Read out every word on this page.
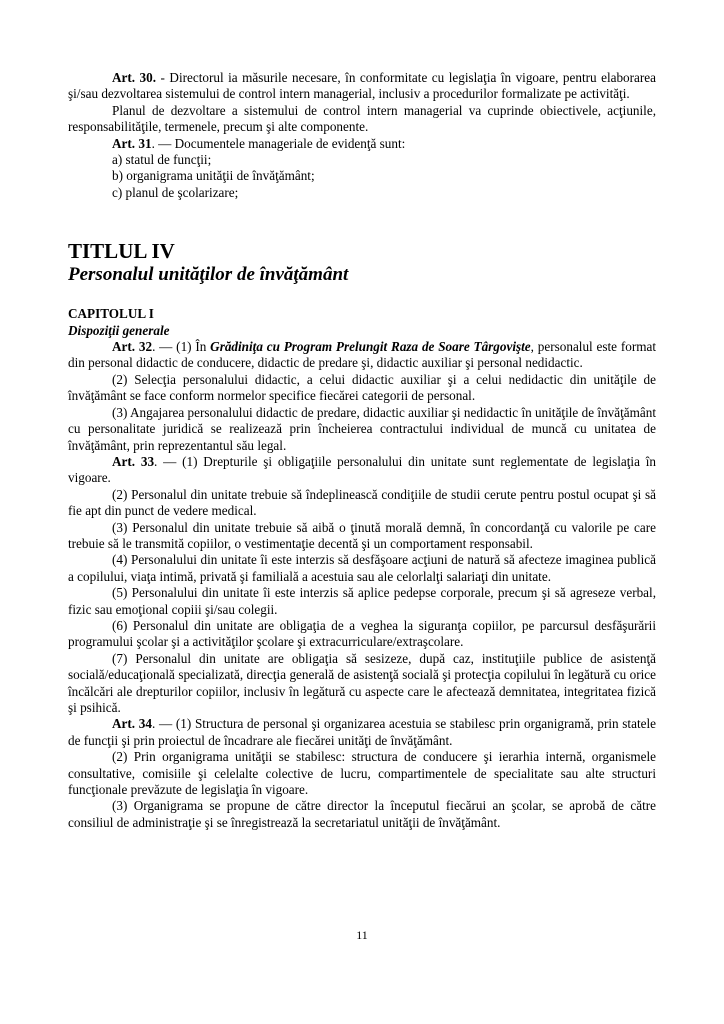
Art. 30. - Directorul ia măsurile necesare, în conformitate cu legislaţia în vigoare, pentru elaborarea şi/sau dezvoltarea sistemului de control intern managerial, inclusiv a procedurilor formalizate pe activităţi.

Planul de dezvoltare a sistemului de control intern managerial va cuprinde obiectivele, acţiunile, responsabilităţile, termenele, precum şi alte componente.

Art. 31. — Documentele manageriale de evidenţă sunt:

a) statul de funcţii;

b) organigrama unităţii de învăţământ;

c) planul de şcolarizare;

TITLUL IV
Personalul unităţilor de învăţământ
CAPITOLUL I
Dispoziţii generale

Art. 32. — (1) În Grădiniţa cu Program Prelungit Raza de Soare Târgovişte, personalul este format din personal didactic de conducere, didactic de predare şi, didactic auxiliar şi personal nedidactic.

(2) Selecţia personalului didactic, a celui didactic auxiliar şi a celui nedidactic din unităţile de învăţământ se face conform normelor specifice fiecărei categorii de personal.

(3) Angajarea personalului didactic de predare, didactic auxiliar şi nedidactic în unităţile de învăţământ cu personalitate juridică se realizează prin încheierea contractului individual de muncă cu unitatea de învăţământ, prin reprezentantul său legal.

Art. 33. — (1) Drepturile şi obligaţiile personalului din unitate sunt reglementate de legislaţia în vigoare.

(2) Personalul din unitate trebuie să îndeplinească condiţiile de studii cerute pentru postul ocupat şi să fie apt din punct de vedere medical.

(3) Personalul din unitate trebuie să aibă o ţinută morală demnă, în concordanţă cu valorile pe care trebuie să le transmită copiilor, o vestimentaţie decentă şi un comportament responsabil.

(4) Personalului din unitate îi este interzis să desfăşoare acţiuni de natură să afecteze imaginea publică a copilului, viaţa intimă, privată şi familială a acestuia sau ale celorlalţi salariaţi din unitate.

(5) Personalului din unitate îi este interzis să aplice pedepse corporale, precum şi să agreseze verbal, fizic sau emoţional copiii şi/sau colegii.

(6) Personalul din unitate are obligaţia de a veghea la siguranţa copiilor, pe parcursul desfăşurării programului şcolar şi a activităţilor şcolare şi extracurriculare/extraşcolare.

(7) Personalul din unitate are obligaţia să sesizeze, după caz, instituţiile publice de asistenţă socială/educaţională specializată, direcţia generală de asistenţă socială şi protecţia copilului în legătură cu orice încălcări ale drepturilor copiilor, inclusiv în legătură cu aspecte care le afectează demnitatea, integritatea fizică şi psihică.

Art. 34. — (1) Structura de personal şi organizarea acestuia se stabilesc prin organigramă, prin statele de funcţii şi prin proiectul de încadrare ale fiecărei unităţi de învăţământ.

(2) Prin organigrama unităţii se stabilesc: structura de conducere şi ierarhia internă, organismele consultative, comisiile şi celelalte colective de lucru, compartimentele de specialitate sau alte structuri funcţionale prevăzute de legislaţia în vigoare.

(3) Organigrama se propune de către director la începutul fiecărui an şcolar, se aprobă de către consiliul de administraţie şi se înregistrează la secretariatul unităţii de învăţământ.

11
